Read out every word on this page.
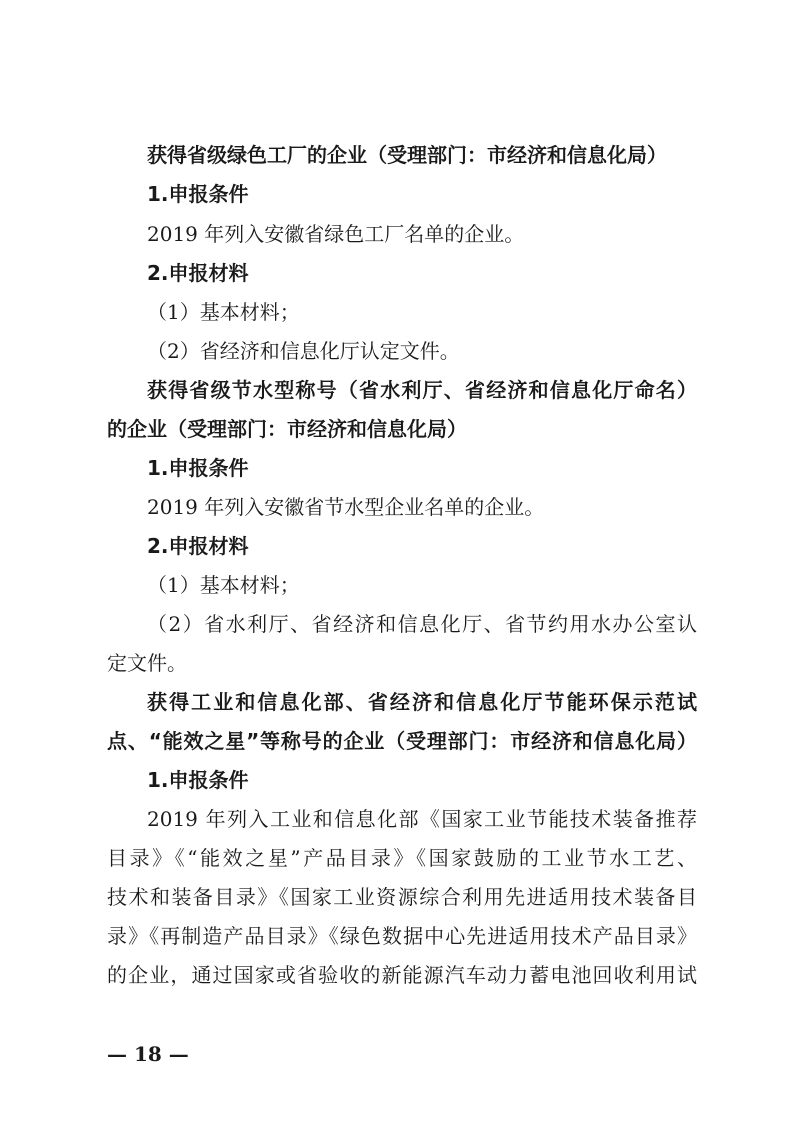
获得省级绿色工厂的企业（受理部门：市经济和信息化局）
1.申报条件
2019 年列入安徽省绿色工厂名单的企业。
2.申报材料
（1）基本材料；
（2）省经济和信息化厅认定文件。
获得省级节水型称号（省水利厅、省经济和信息化厅命名）
的企业（受理部门：市经济和信息化局）
1.申报条件
2019 年列入安徽省节水型企业名单的企业。
2.申报材料
（1）基本材料；
（2）省水利厅、省经济和信息化厅、省节约用水办公室认
定文件。
获得工业和信息化部、省经济和信息化厅节能环保示范试
点、“能效之星”等称号的企业（受理部门：市经济和信息化局）
1.申报条件
2019 年列入工业和信息化部《国家工业节能技术装备推荐
目录》《“能效之星”产品目录》《国家鼓励的工业节水工艺、
技术和装备目录》《国家工业资源综合利用先进适用技术装备目
录》《再制造产品目录》《绿色数据中心先进适用技术产品目录》
的企业，通过国家或省验收的新能源汽车动力蓄电池回收利用试
— 18 —
